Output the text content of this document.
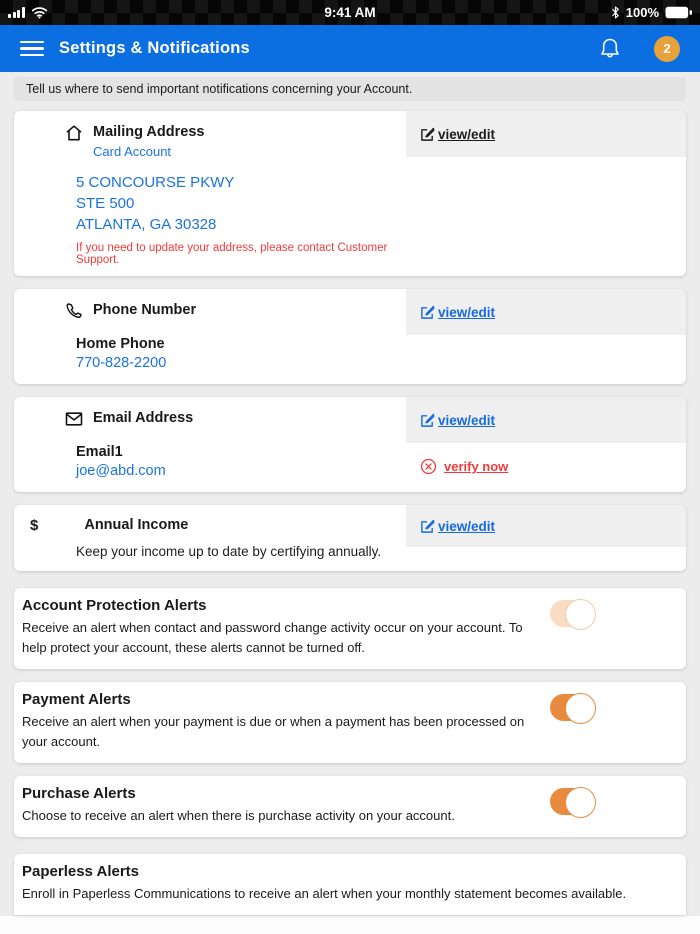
9:41 AM	100%
Settings & Notifications	2
Tell us where to send important notifications concerning your Account.
Mailing Address
Card Account
5 CONCOURSE PKWY
STE 500
ATLANTA, GA 30328
If you need to update your address, please contact Customer Support.
view/edit
Phone Number
Home Phone
770-828-2200
view/edit
Email Address
Email1
joe@abd.com
view/edit
verify now
$	Annual Income
Keep your income up to date by certifying annually.
view/edit
Account Protection Alerts
Receive an alert when contact and password change activity occur on your account. To help protect your account, these alerts cannot be turned off.
Payment Alerts
Receive an alert when your payment is due or when a payment has been processed on your account.
Purchase Alerts
Choose to receive an alert when there is purchase activity on your account.
Paperless Alerts
Enroll in Paperless Communications to receive an alert when your monthly statement becomes available.
